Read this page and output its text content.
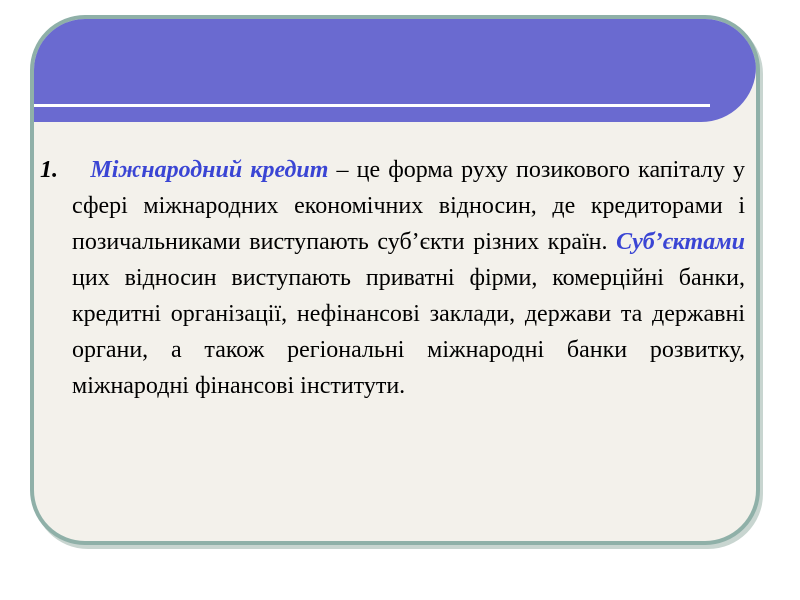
1. Міжнародний кредит – це форма руху позикового капіталу у сфері міжнародних економічних відносин, де кредиторами і позичальниками виступають суб’єкти різних країн. Суб’єктами цих відносин виступають приватні фірми, комерційні банки, кредитні організації, нефінансові заклади, держави та державні органи, а також регіональні міжнародні банки розвитку, міжнародні фінансові інститути.
